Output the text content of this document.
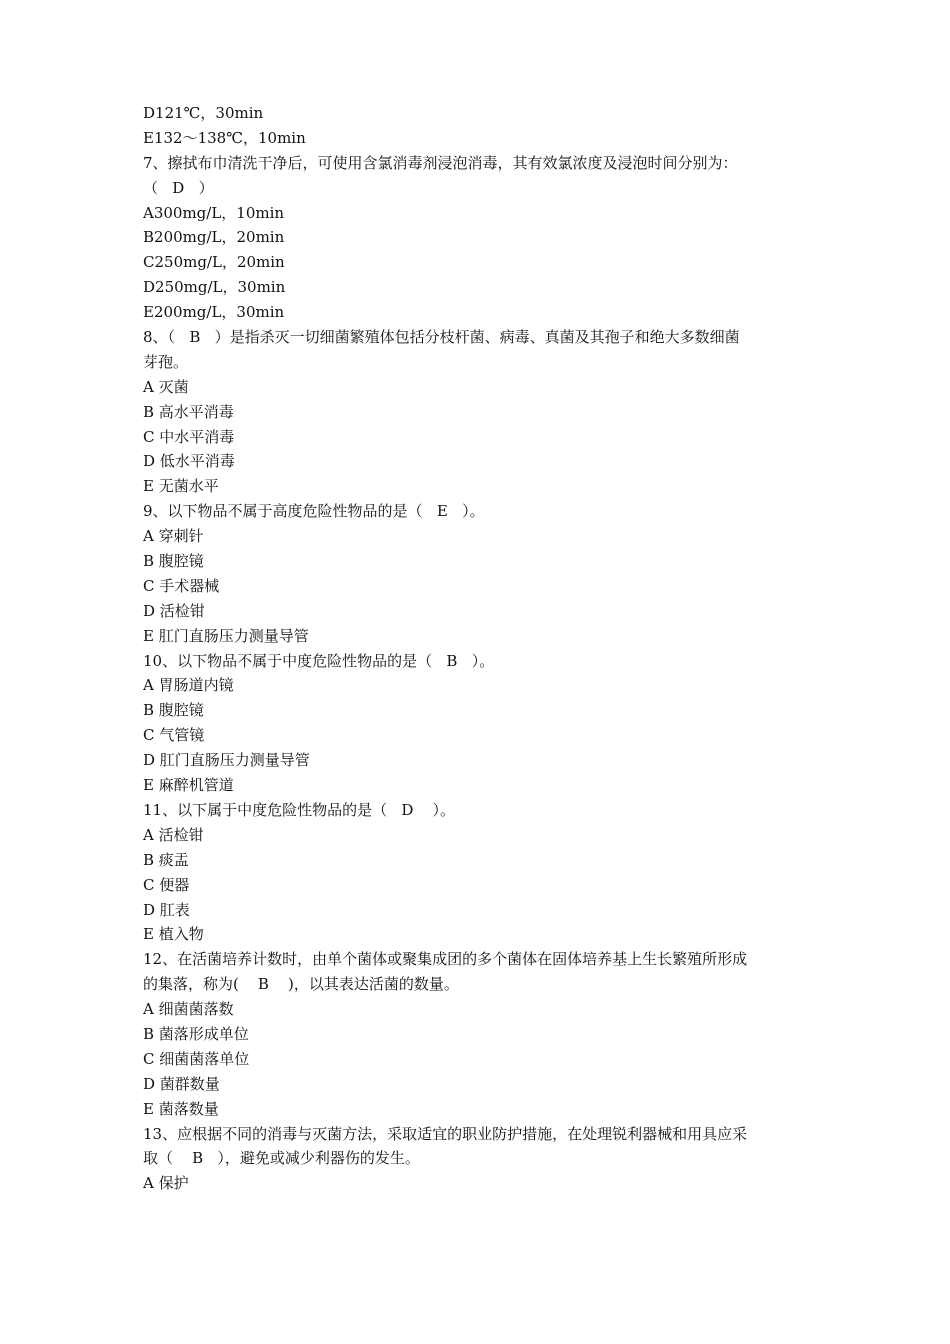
D121℃，30min
E132～138℃，10min
7、擦拭布巾清洗干净后，可使用含氯消毒剂浸泡消毒，其有效氯浓度及浸泡时间分别为：
（   D   ）
A300mg/L，10min
B200mg/L，20min
C250mg/L，20min
D250mg/L，30min
E200mg/L，30min
8、（   B   ）是指杀灭一切细菌繁殖体包括分枝杆菌、病毒、真菌及其孢子和绝大多数细菌
芽孢。
A 灭菌
B 高水平消毒
C 中水平消毒
D 低水平消毒
E 无菌水平
9、以下物品不属于高度危险性物品的是（   E   ）。
A 穿刺针
B 腹腔镜
C 手术器械
D 活检钳
E 肛门直肠压力测量导管
10、以下物品不属于中度危险性物品的是（   B   ）。
A 胃肠道内镜
B 腹腔镜
C 气管镜
D 肛门直肠压力测量导管
E 麻醉机管道
11、以下属于中度危险性物品的是（   D    ）。
A 活检钳
B 痰盂
C 便器
D 肛表
E 植入物
12、在活菌培养计数时，由单个菌体或聚集成团的多个菌体在固体培养基上生长繁殖所形成
的集落，称为(    B    )，以其表达活菌的数量。
A 细菌菌落数
B 菌落形成单位
C 细菌菌落单位
D 菌群数量
E 菌落数量
13、应根据不同的消毒与灭菌方法，采取适宜的职业防护措施，在处理锐利器械和用具应采
取（    B   ），避免或减少利器伤的发生。
A 保护
